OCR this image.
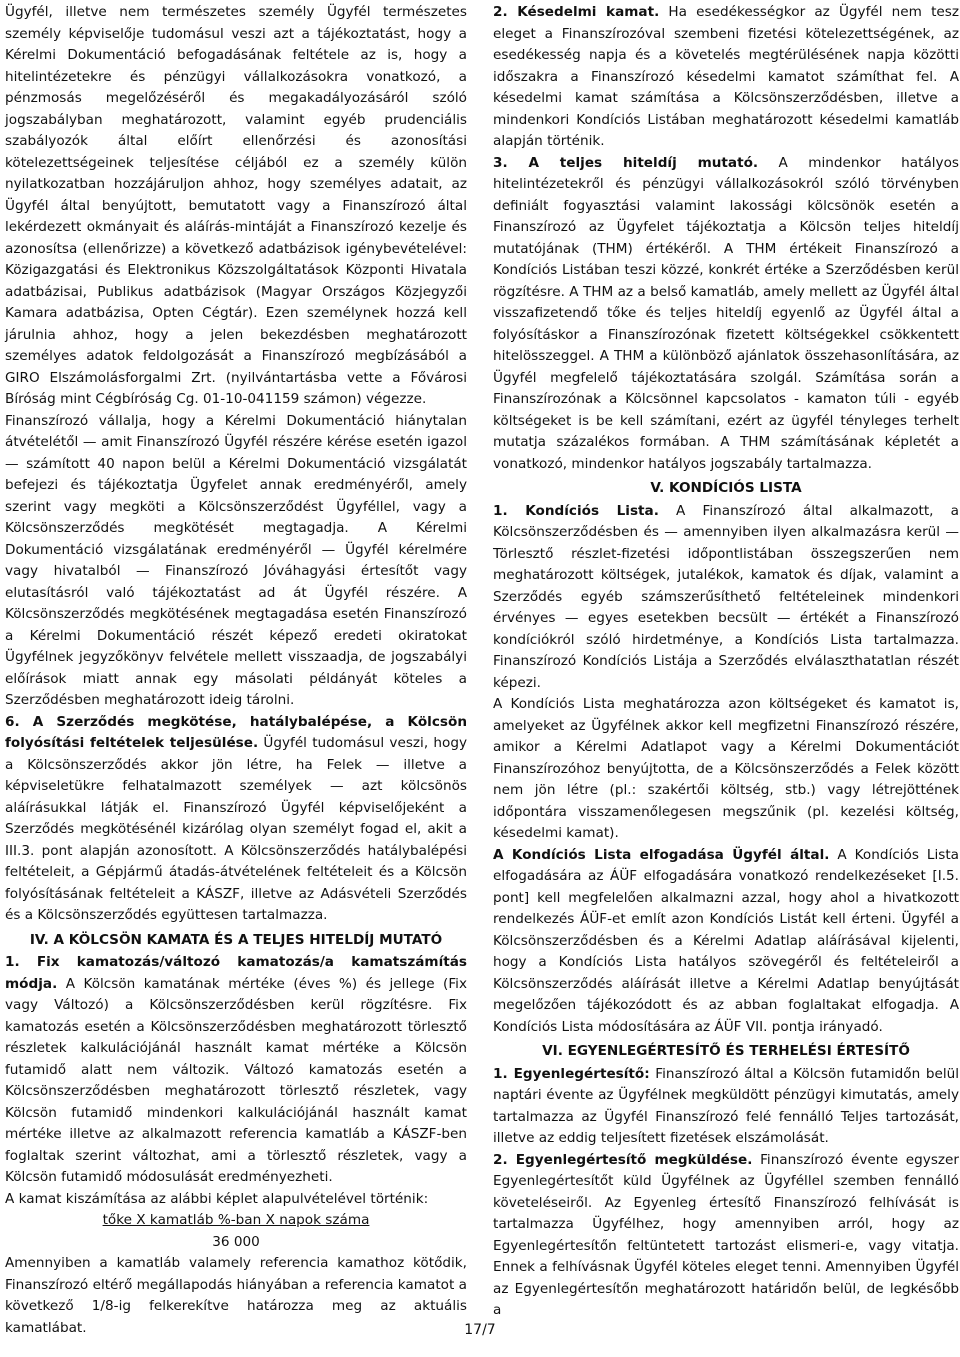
Ügyfél, illetve nem természetes személy Ügyfél természetes személy képviselője tudomásul veszi azt a tájékoztatást, hogy a Kérelmi Dokumentáció befogadásának feltétele az is, hogy a hitelintézetekre és pénzügyi vállalkozásokra vonatkozó, a pénzmosás megelőzéséről és megakadályozásáról szóló jogszabályban meghatározott, valamint egyéb prudenciális szabályozók által előírt ellenőrzési és azonosítási kötelezettségeinek teljesítése céljából ez a személy külön nyilatkozatban hozzájáruljon ahhoz, hogy személyes adatait, az Ügyfél által benyújtott, bemutatott vagy a Finanszírozó által lekérdezett okmányait és aláírás-mintáját a Finanszírozó kezelje és azonosítsa (ellenőrizze) a következő adatbázisok igénybevételével: Közigazgatási és Elektronikus Közszolgáltatások Központi Hivatala adatbázisai, Publikus adatbázisok (Magyar Országos Közjegyzői Kamara adatbázisa, Opten Cégtár). Ezen személynek hozzá kell járulnia ahhoz, hogy a jelen bekezdésben meghatározott személyes adatok feldolgozását a Finanszírozó megbízásából a GIRO Elszámolásforgalmi Zrt. (nyilvántartásba vette a Fővárosi Bíróság mint Cégbíróság Cg. 01-10-041159 számon) végezze.

Finanszírozó vállalja, hogy a Kérelmi Dokumentáció hiánytalan átvételétől — amit Finanszírozó Ügyfél részére kérése esetén igazol — számított 40 napon belül a Kérelmi Dokumentáció vizsgálatát befejezi és tájékoztatja Ügyfelet annak eredményéről, amely szerint vagy megköti a Kölcsönszerződést Ügyféllel, vagy a Kölcsönszerződés megkötését megtagadja. A Kérelmi Dokumentáció vizsgálatának eredményéről — Ügyfél kérelmére vagy hivatalból — Finanszírozó Jóváhagyási értesítőt vagy elutasításról való tájékoztatást ad át Ügyfél részére. A Kölcsönszerződés megkötésének megtagadása esetén Finanszírozó a Kérelmi Dokumentáció részét képező eredeti okiratokat Ügyfélnek jegyzőkönyv felvétele mellett visszaadja, de jogszabályi előírások miatt annak egy másolati példányát köteles a Szerződésben meghatározott ideig tárolni.

6. A Szerződés megkötése, hatálybalépése, a Kölcsön folyósítási feltételek teljesülése. Ügyfél tudomásul veszi, hogy a Kölcsönszerződés akkor jön létre, ha Felek — illetve a képviseletükre felhatalmazott személyek — azt kölcsönös aláírásukkal látják el. Finanszírozó Ügyfél képviselőjeként a Szerződés megkötésénél kizárólag olyan személyt fogad el, akit a III.3. pont alapján azonosított. A Kölcsönszerződés hatálybalépési feltételeit, a Gépjármű átadás-átvételének feltételeit és a Kölcsön folyósításának feltételeit a KÁSZF, illetve az Adásvételi Szerződés és a Kölcsönszerződés együttesen tartalmazza.

IV. A KÖLCSÖN KAMATA ÉS A TELJES HITELDÍJ MUTATÓ

1. Fix kamatozás/változó kamatozás/a kamatszámítás módja. A Kölcsön kamatának mértéke (éves %) és jellege (Fix vagy Változó) a Kölcsönszerződésben kerül rögzítésre. Fix kamatozás esetén a Kölcsönszerződésben meghatározott törlesztő részletek kalkulációjánál használt kamat mértéke a Kölcsön futamidő alatt nem változik. Változó kamatozás esetén a Kölcsönszerződésben meghatározott törlesztő részletek, vagy Kölcsön futamidő mindenkori kalkulációjánál használt kamat mértéke illetve az alkalmazott referencia kamatláb a KÁSZF-ben foglaltak szerint változhat, ami a törlesztő részletek, vagy a Kölcsön futamidő módosulását eredményezheti.

A kamat kiszámítása az alábbi képlet alapulvételével történik:

tőke X kamatláb %-ban X napok száma

36 000

Amennyiben a kamatláb valamely referencia kamathoz kötődik, Finanszírozó eltérő megállapodás hiányában a referencia kamatot a következő 1/8-ig felkerekítve határozza meg az aktuális kamatlábat.

2. Késedelmi kamat. Ha esedékességkor az Ügyfél nem tesz eleget a Finanszírozóval szembeni fizetési kötelezettségének, az esedékesség napja és a követelés megtérülésének napja közötti időszakra a Finanszírozó késedelmi kamatot számíthat fel. A késedelmi kamat számítása a Kölcsönszerződésben, illetve a mindenkori Kondíciós Listában meghatározott késedelmi kamatláb alapján történik.

3. A teljes hiteldíj mutató. A mindenkor hatályos hitelintézetekről és pénzügyi vállalkozásokról szóló törvényben definiált fogyasztási valamint lakossági kölcsönök esetén a Finanszírozó az Ügyfelet tájékoztatja a Kölcsön teljes hiteldíj mutatójának (THM) értékéről. A THM értékeit Finanszírozó a Kondíciós Listában teszi közzé, konkrét értéke a Szerződésben kerül rögzítésre. A THM az a belső kamatláb, amely mellett az Ügyfél által visszafizetendő tőke és teljes hiteldíj egyenlő az Ügyfél által a folyósításkor a Finanszírozónak fizetett költségekkel csökkentett hitelösszeggel. A THM a különböző ajánlatok összehasonlítására, az Ügyfél megfelelő tájékoztatására szolgál. Számítása során a Finanszírozónak a Kölcsönnel kapcsolatos - kamaton túli - egyéb költségeket is be kell számítani, ezért az ügyfél tényleges terhelt mutatja százalékos formában. A THM számításának képletét a vonatkozó, mindenkor hatályos jogszabály tartalmazza.

V. KONDÍCIÓS LISTA

1. Kondíciós Lista. A Finanszírozó által alkalmazott, a Kölcsönszerződésben és — amennyiben ilyen alkalmazásra kerül — Törlesztő részlet-fizetési időpontlistában összegszerűen nem meghatározott költségek, jutalékok, kamatok és díjak, valamint a Szerződés egyéb számszerűsíthető feltételeinek mindenkori érvényes — egyes esetekben becsült — értékét a Finanszírozó kondíciókról szóló hirdetménye, a Kondíciós Lista tartalmazza. Finanszírozó Kondíciós Listája a Szerződés elválaszthatatlan részét képezi.

A Kondíciós Lista meghatározza azon költségeket és kamatot is, amelyeket az Ügyfélnek akkor kell megfizetni Finanszírozó részére, amikor a Kérelmi Adatlapot vagy a Kérelmi Dokumentációt Finanszírozóhoz benyújtotta, de a Kölcsönszerződés a Felek között nem jön létre (pl.: szakértői költség, stb.) vagy létrejöttének időpontára visszamenőlegesen megszűnik (pl. kezelési költség, késedelmi kamat).

A Kondíciós Lista elfogadása Ügyfél által. A Kondíciós Lista elfogadására az ÁÜF elfogadására vonatkozó rendelkezéseket [I.5. pont] kell megfelelően alkalmazni azzal, hogy ahol a hivatkozott rendelkezés ÁÜF-et említ azon Kondíciós Listát kell érteni. Ügyfél a Kölcsönszerződésben és a Kérelmi Adatlap aláírásával kijelenti, hogy a Kondíciós Lista hatályos szövegéről és feltételeiről a Kölcsönszerződés aláírását illetve a Kérelmi Adatlap benyújtását megelőzően tájékozódott és az abban foglaltakat elfogadja. A Kondíciós Lista módosítására az ÁÜF VII. pontja irányadó.

VI. EGYENLEGÉRTESÍTŐ ÉS TERHELÉSI ÉRTESÍTŐ

1. Egyenlegértesítő: Finanszírozó által a Kölcsön futamidőn belül naptári évente az Ügyfélnek megküldött pénzügyi kimutatás, amely tartalmazza az Ügyfél Finanszírozó felé fennálló Teljes tartozását, illetve az eddig teljesített fizetések elszámolását.

2. Egyenlegértesítő megküldése. Finanszírozó évente egyszer Egyenlegértesítőt küld Ügyfélnek az Ügyféllel szemben fennálló követeléseiről. Az Egyenleg értesítő Finanszírozó felhívását is tartalmazza Ügyfélhez, hogy amennyiben arról, hogy az Egyenlegértesítőn feltüntetett tartozást elismeri-e, vagy vitatja. Ennek a felhívásnak Ügyfél köteles eleget tenni. Amennyiben Ügyfél az Egyenlegértesítőn meghatározott határidőn belül, de legkésőbb a

17/7
